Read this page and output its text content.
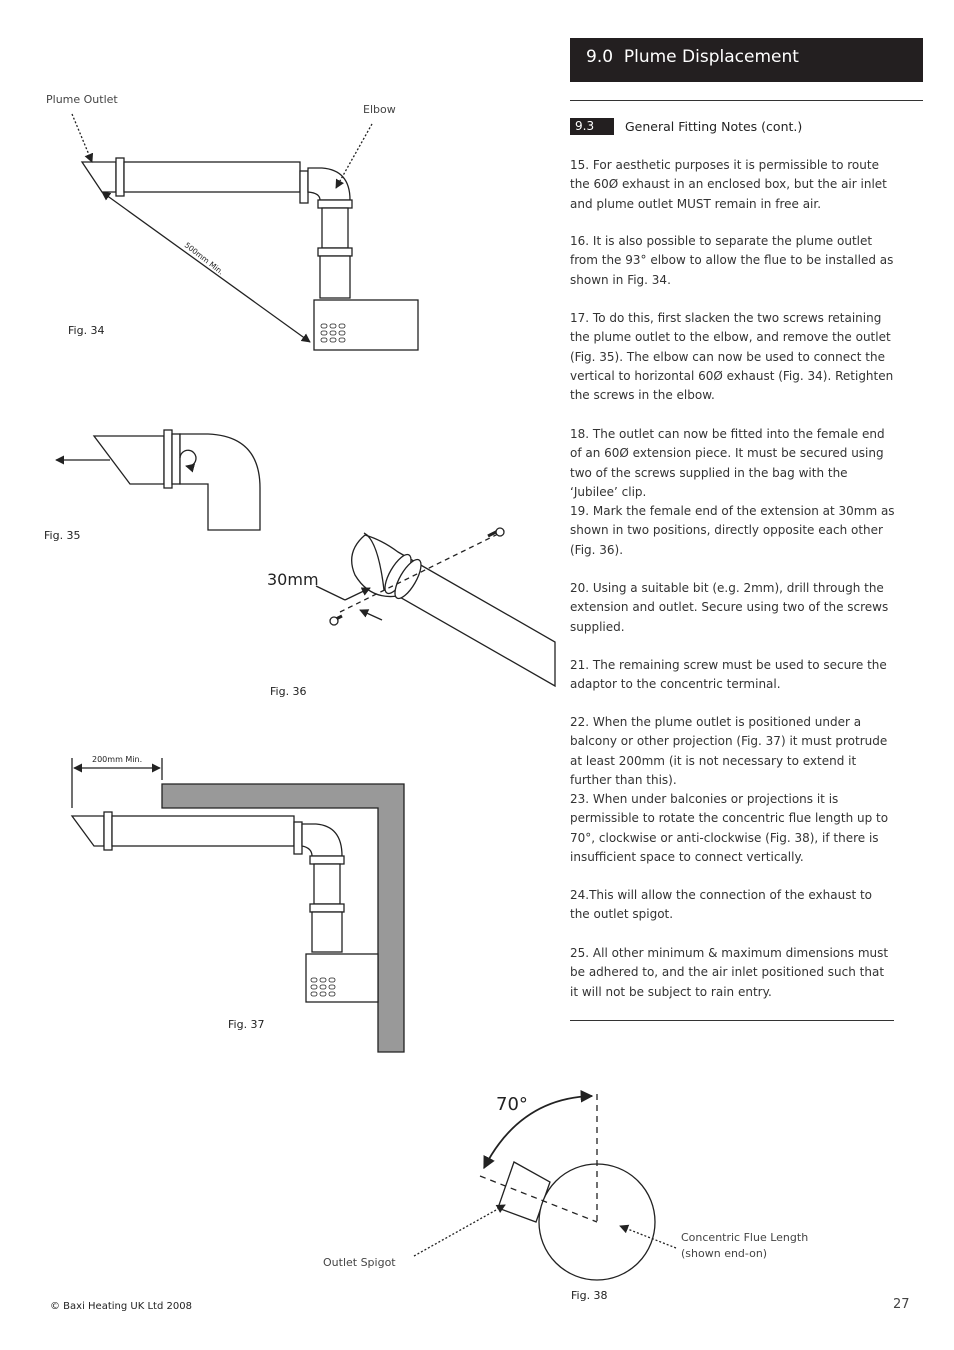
9.0 Plume Displacement
9.3	General Fitting Notes (cont.)
15. For aesthetic purposes it is permissible to route the 60Ø exhaust in an enclosed box, but the air inlet and plume outlet MUST remain in free air.
16. It is also possible to separate the plume outlet from the 93° elbow to allow the flue to be installed as shown in Fig. 34.
17. To do this, first slacken the two screws retaining the plume outlet to the elbow, and remove the outlet (Fig. 35). The elbow can now be used to connect the vertical to horizontal 60Ø exhaust (Fig. 34). Retighten the screws in the elbow.
18. The outlet can now be fitted into the female end of an 60Ø extension piece. It must be secured using two of the screws supplied in the bag with the ‘Jubilee’ clip.
19. Mark the female end of the extension at 30mm as shown in two positions, directly opposite each other (Fig. 36).
20. Using a suitable bit (e.g. 2mm), drill through the extension and outlet. Secure using two of the screws supplied.
21. The remaining screw must be used to secure the adaptor to the concentric terminal.
22. When the plume outlet is positioned under a balcony or other projection (Fig. 37) it must protrude at least 200mm (it is not necessary to extend it further than this).
23. When under balconies or projections it is permissible to rotate the concentric flue length up to 70°, clockwise or anti-clockwise (Fig. 38), if there is insufficient space to connect vertically.
24.This will allow the connection of the exhaust to the outlet spigot.
25. All other minimum & maximum dimensions must be adhered to, and the air inlet positioned such that it will not be subject to rain entry.
500mm Min.
Plume Outlet
Elbow
Fig. 34
Fig. 35
30mm
Fig. 36
200mm Min.
Fig. 37
70°
Outlet Spigot
Concentric Flue Length
(shown end-on)
Fig. 38
© Baxi Heating UK Ltd 2008	27
